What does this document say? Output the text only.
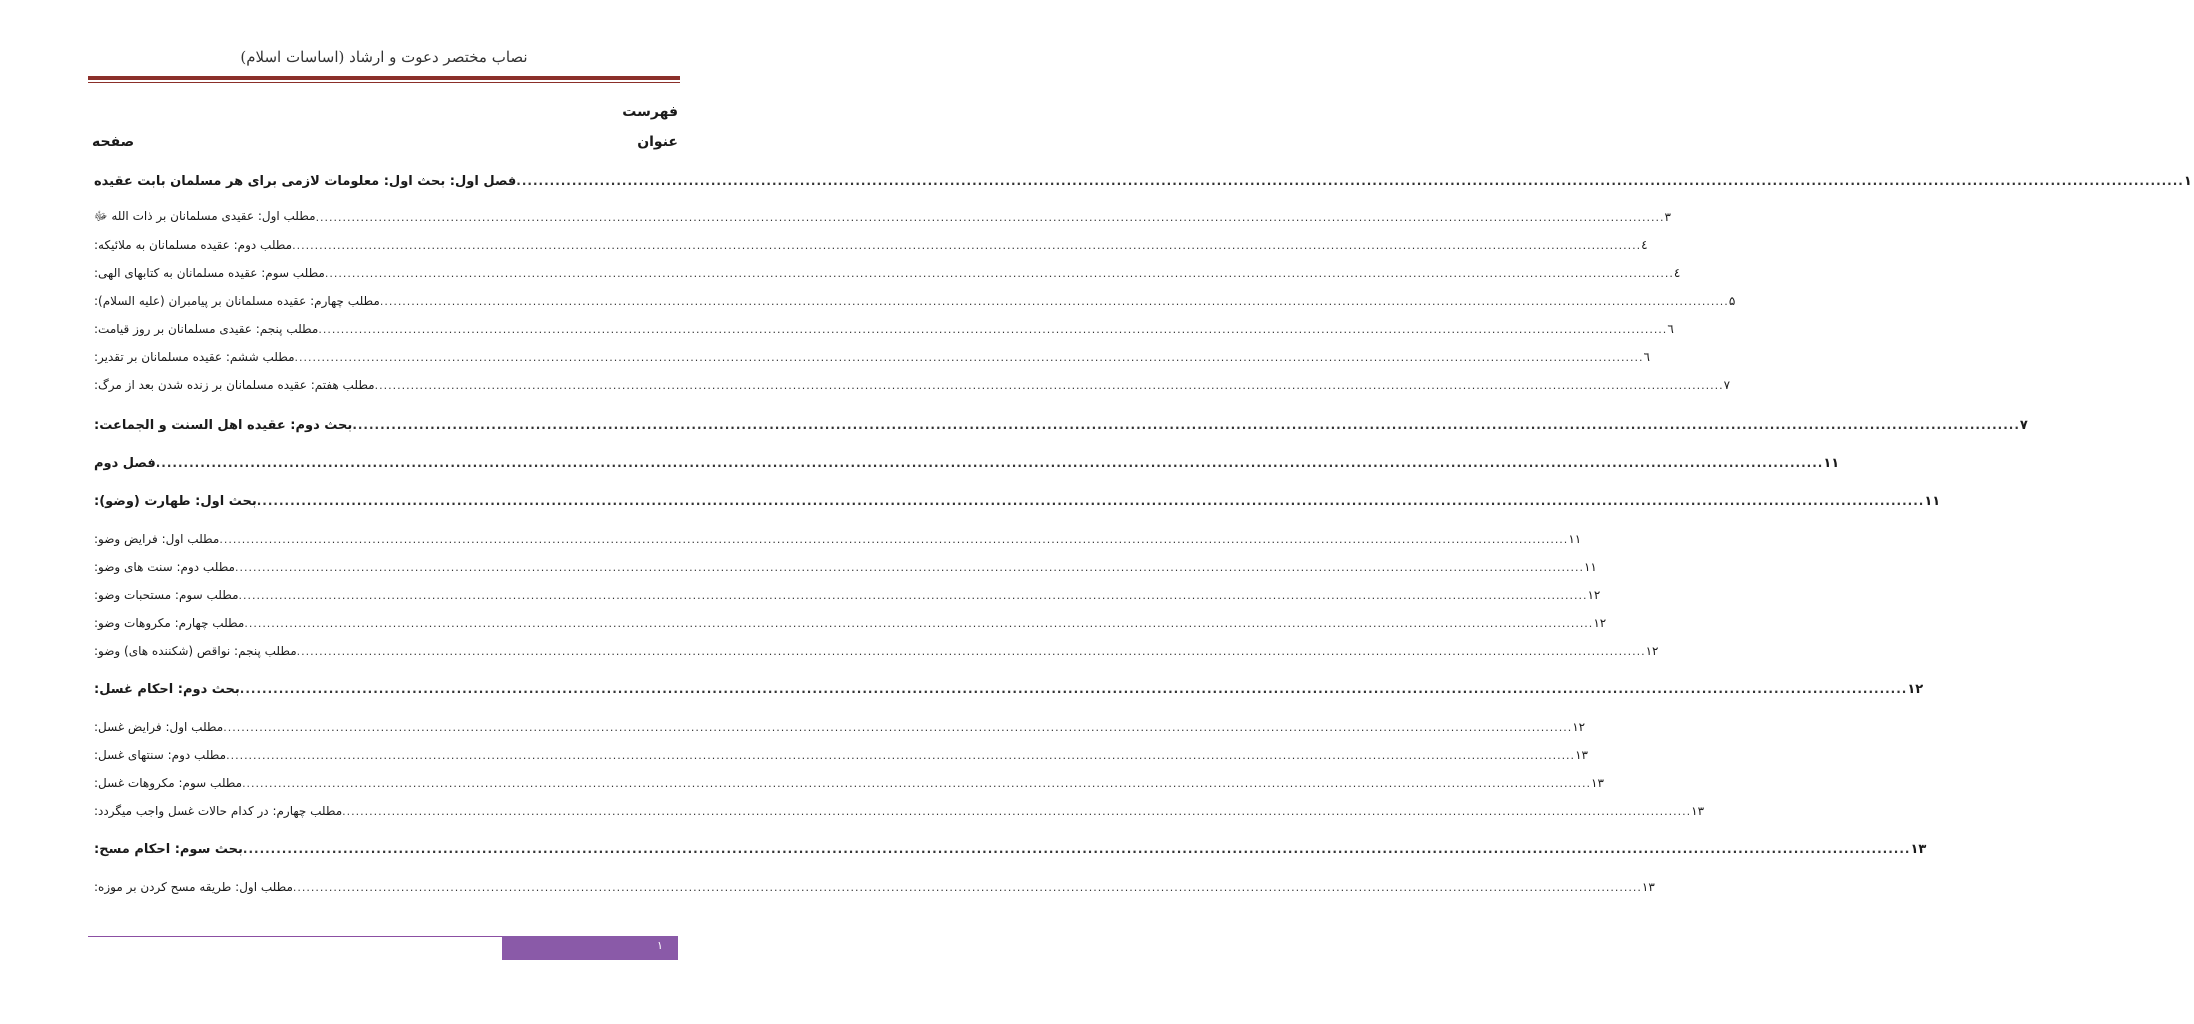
نصاب مختصر دعوت و ارشاد (اساسات اسلام)
فهرست
عنوان
صفحه
فصل اول: بحث اول: معلومات لازمی برای هر مسلمان بابت عقیده ............................................................................................................................................................................................................................................................................................................ ۱
مطلب اول: عقیدی مسلمانان بر ذات الله ﷻ ............................................................................................................................................................................................................................................................................................................ ۳
مطلب دوم: عقیده مسلمانان به ملائیکه: ............................................................................................................................................................................................................................................................................................................ ٤
مطلب سوم: عقیده مسلمانان به کتابهای الهی: ............................................................................................................................................................................................................................................................................................................ ٤
مطلب چهارم: عقیده مسلمانان بر پیامبران (علیه السلام): ............................................................................................................................................................................................................................................................................................................ ۵
مطلب پنجم: عقیدی مسلمانان بر روز قیامت: ............................................................................................................................................................................................................................................................................................................ ٦
مطلب ششم: عقیده مسلمانان بر تقدیر: ............................................................................................................................................................................................................................................................................................................ ٦
مطلب هفتم: عقیده مسلمانان بر زنده شدن بعد از مرگ: ............................................................................................................................................................................................................................................................................................................ ۷
بحث دوم: عقیده اهل السنت و الجماعت: ............................................................................................................................................................................................................................................................................................................ ۷
فصل دوم ............................................................................................................................................................................................................................................................................................................ ۱۱
بحث اول: طهارت (وضو): ............................................................................................................................................................................................................................................................................................................ ۱۱
مطلب اول: فرایض وضو: ............................................................................................................................................................................................................................................................................................................ ۱۱
مطلب دوم: سنت های وضو: ............................................................................................................................................................................................................................................................................................................ ۱۱
مطلب سوم: مستحبات وضو: ............................................................................................................................................................................................................................................................................................................ ۱۲
مطلب چهارم: مکروهات وضو: ............................................................................................................................................................................................................................................................................................................ ۱۲
مطلب پنجم: نواقص (شکننده های) وضو: ............................................................................................................................................................................................................................................................................................................ ۱۲
بحث دوم: احکام غسل: ............................................................................................................................................................................................................................................................................................................ ۱۲
مطلب اول: فرایض غسل: ............................................................................................................................................................................................................................................................................................................ ۱۲
مطلب دوم: سنتهای غسل: ............................................................................................................................................................................................................................................................................................................ ۱۳
مطلب سوم: مکروهات غسل: ............................................................................................................................................................................................................................................................................................................ ۱۳
مطلب چهارم: در کدام حالات غسل واجب میگردد: ............................................................................................................................................................................................................................................................................................................ ۱۳
بحث سوم: احکام مسح: ............................................................................................................................................................................................................................................................................................................ ۱۳
مطلب اول: طریقه مسح کردن بر موزه: ............................................................................................................................................................................................................................................................................................................ ۱۳
۱
